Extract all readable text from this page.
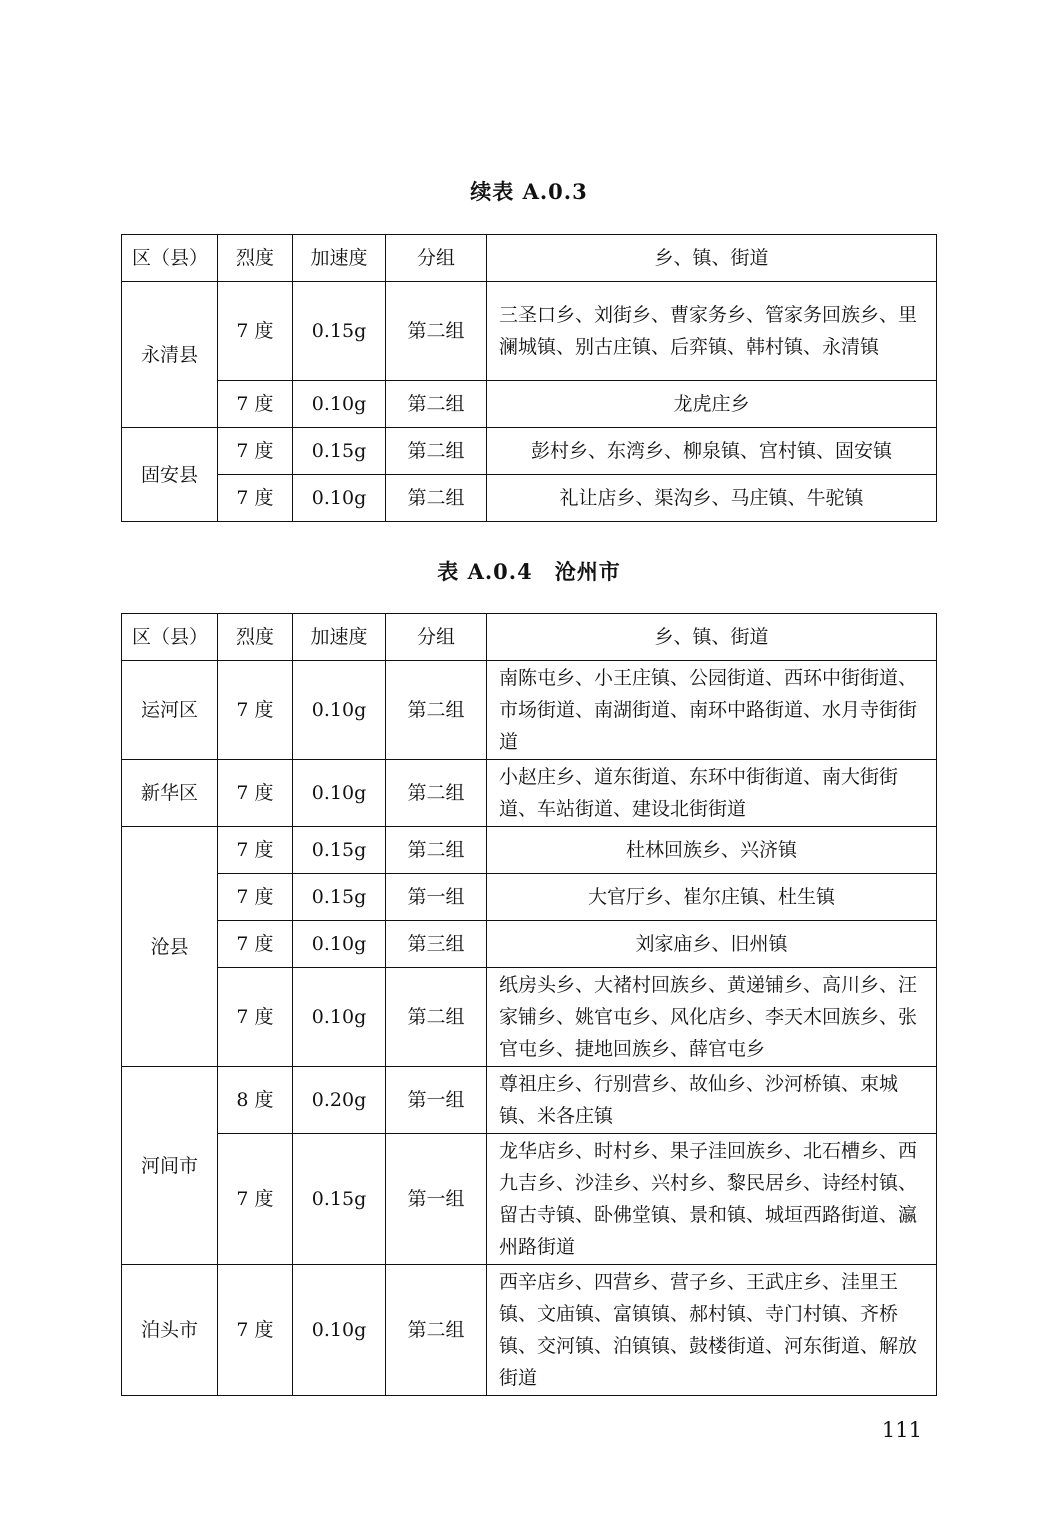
续表 A.0.3
区（县）	烈度	加速度	分组	乡、镇、街道
永清县	7 度	0.15g	第二组	三圣口乡、刘街乡、曹家务乡、管家务回族乡、里澜城镇、别古庄镇、后弈镇、韩村镇、永清镇
	7 度	0.10g	第二组	龙虎庄乡
固安县	7 度	0.15g	第二组	彭村乡、东湾乡、柳泉镇、宫村镇、固安镇
	7 度	0.10g	第二组	礼让店乡、渠沟乡、马庄镇、牛驼镇
表 A.0.4　沧州市
区（县）	烈度	加速度	分组	乡、镇、街道
运河区	7 度	0.10g	第二组	南陈屯乡、小王庄镇、公园街道、西环中街街道、市场街道、南湖街道、南环中路街道、水月寺街街道
新华区	7 度	0.10g	第二组	小赵庄乡、道东街道、东环中街街道、南大街街道、车站街道、建设北街街道
沧县	7 度	0.15g	第二组	杜林回族乡、兴济镇
	7 度	0.15g	第一组	大官厅乡、崔尔庄镇、杜生镇
	7 度	0.10g	第三组	刘家庙乡、旧州镇
	7 度	0.10g	第二组	纸房头乡、大褚村回族乡、黄递铺乡、高川乡、汪家铺乡、姚官屯乡、风化店乡、李天木回族乡、张官屯乡、捷地回族乡、薛官屯乡
河间市	8 度	0.20g	第一组	尊祖庄乡、行别营乡、故仙乡、沙河桥镇、束城镇、米各庄镇
	7 度	0.15g	第一组	龙华店乡、时村乡、果子洼回族乡、北石槽乡、西九吉乡、沙洼乡、兴村乡、黎民居乡、诗经村镇、留古寺镇、卧佛堂镇、景和镇、城垣西路街道、瀛州路街道
泊头市	7 度	0.10g	第二组	西辛店乡、四营乡、营子乡、王武庄乡、洼里王镇、文庙镇、富镇镇、郝村镇、寺门村镇、齐桥镇、交河镇、泊镇镇、鼓楼街道、河东街道、解放街道
111
